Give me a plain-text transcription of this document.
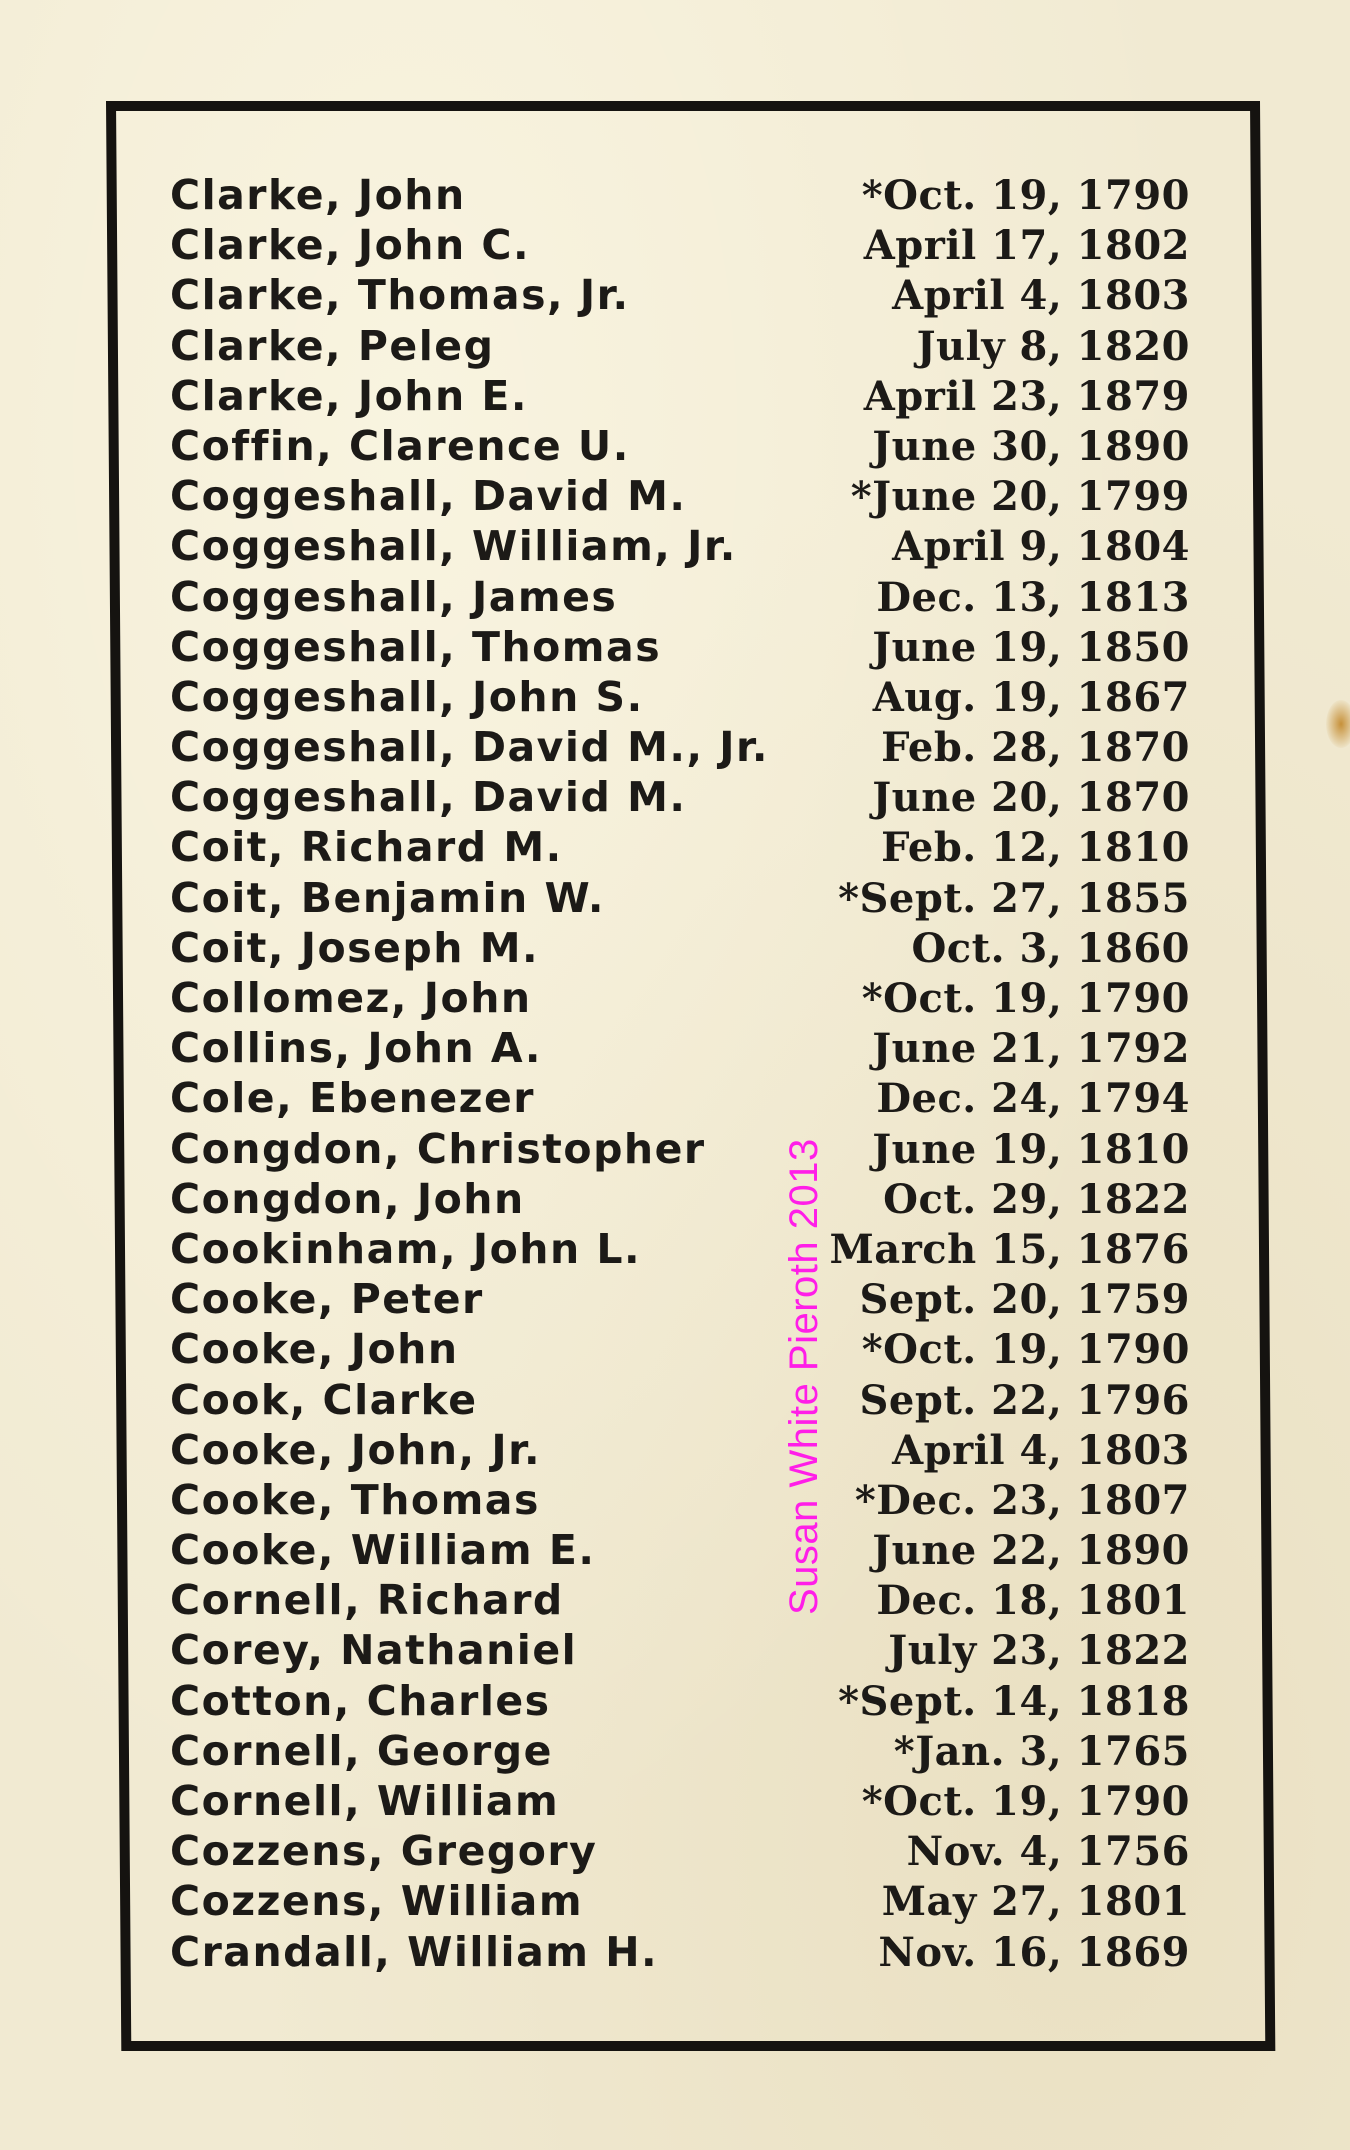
Clarke, John	*Oct. 19, 1790
Clarke, John C.	April 17, 1802
Clarke, Thomas, Jr.	April 4, 1803
Clarke, Peleg	July 8, 1820
Clarke, John E.	April 23, 1879
Coffin, Clarence U.	June 30, 1890
Coggeshall, David M.	*June 20, 1799
Coggeshall, William, Jr.	April 9, 1804
Coggeshall, James	Dec. 13, 1813
Coggeshall, Thomas	June 19, 1850
Coggeshall, John S.	Aug. 19, 1867
Coggeshall, David M., Jr.	Feb. 28, 1870
Coggeshall, David M.	June 20, 1870
Coit, Richard M.	Feb. 12, 1810
Coit, Benjamin W.	*Sept. 27, 1855
Coit, Joseph M.	Oct. 3, 1860
Collomez, John	*Oct. 19, 1790
Collins, John A.	June 21, 1792
Cole, Ebenezer	Dec. 24, 1794
Congdon, Christopher	June 19, 1810
Congdon, John	Oct. 29, 1822
Cookinham, John L.	March 15, 1876
Cooke, Peter	Sept. 20, 1759
Cooke, John	*Oct. 19, 1790
Cook, Clarke	Sept. 22, 1796
Cooke, John, Jr.	April 4, 1803
Cooke, Thomas	*Dec. 23, 1807
Cooke, William E.	June 22, 1890
Cornell, Richard	Dec. 18, 1801
Corey, Nathaniel	July 23, 1822
Cotton, Charles	*Sept. 14, 1818
Cornell, George	*Jan. 3, 1765
Cornell, William	*Oct. 19, 1790
Cozzens, Gregory	Nov. 4, 1756
Cozzens, William	May 27, 1801
Crandall, William H.	Nov. 16, 1869
Susan White Pieroth 2013
